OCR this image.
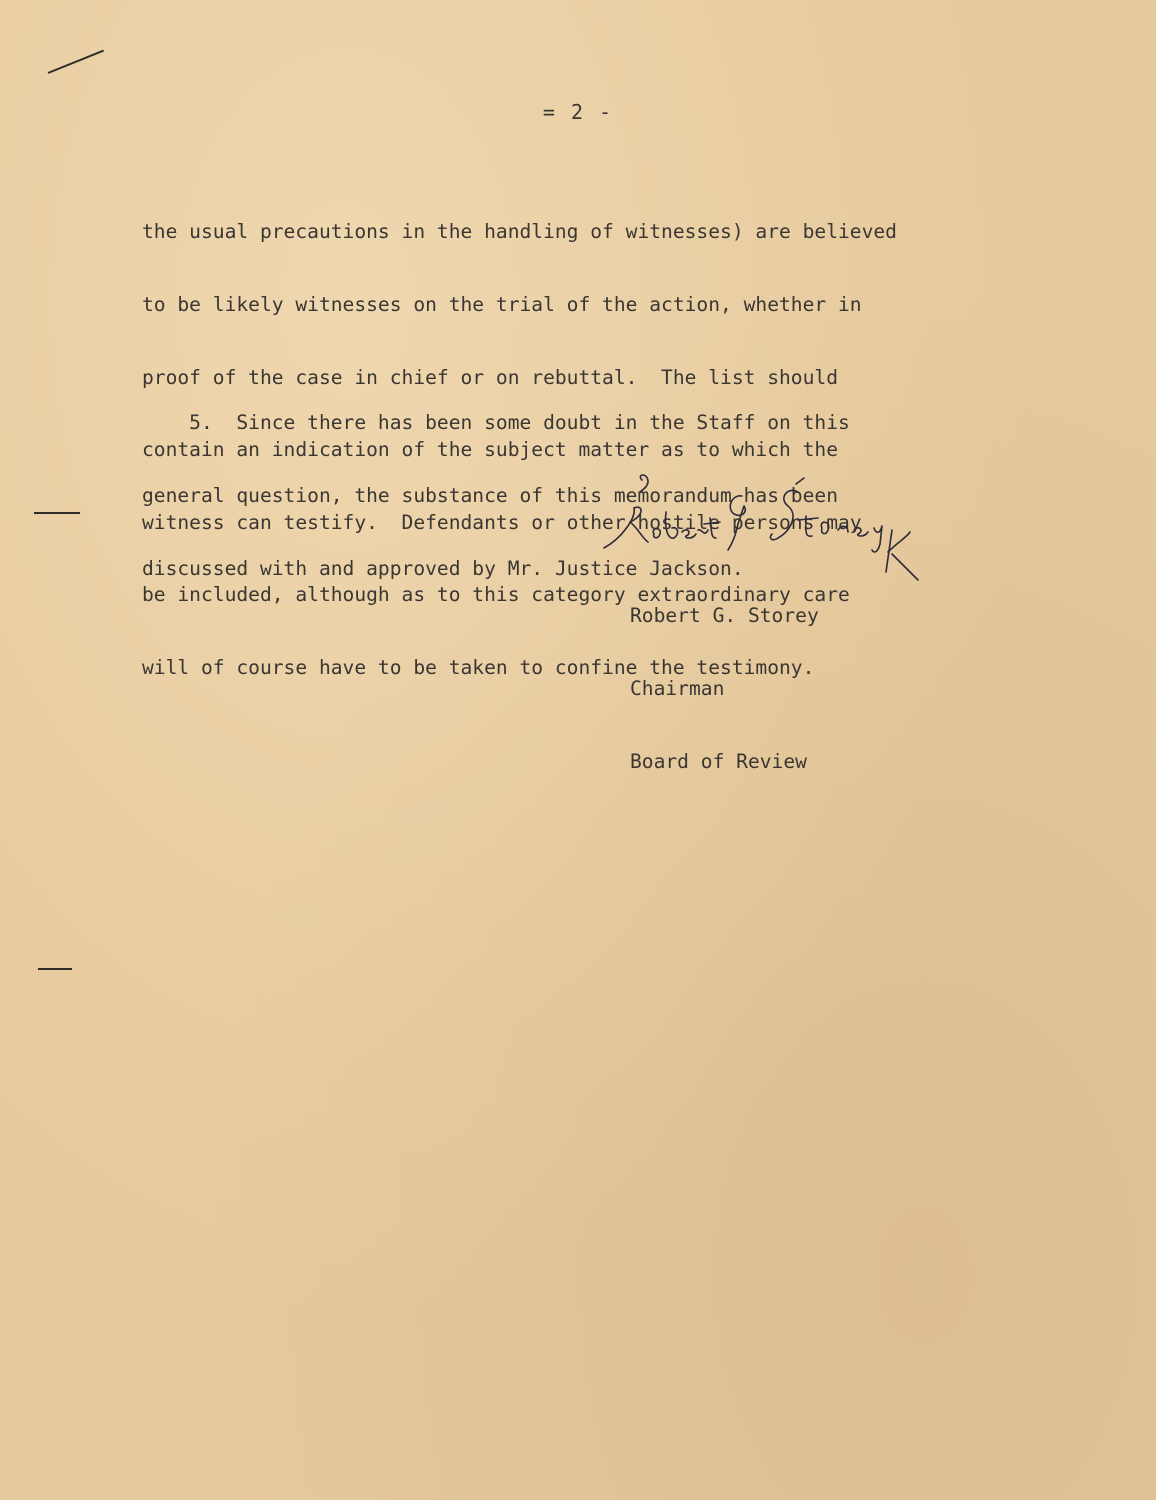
= 2 -

the usual precautions in the handling of witnesses) are believed

to be likely witnesses on the trial of the action, whether in

proof of the case in chief or on rebuttal.  The list should

contain an indication of the subject matter as to which the

witness can testify.  Defendants or other hostile persons may

be included, although as to this category extraordinary care

will of course have to be taken to confine the testimony.

5.  Since there has been some doubt in the Staff on this

general question, the substance of this memorandum has been

discussed with and approved by Mr. Justice Jackson.

Robert G. Storey

Chairman

Board of Review
